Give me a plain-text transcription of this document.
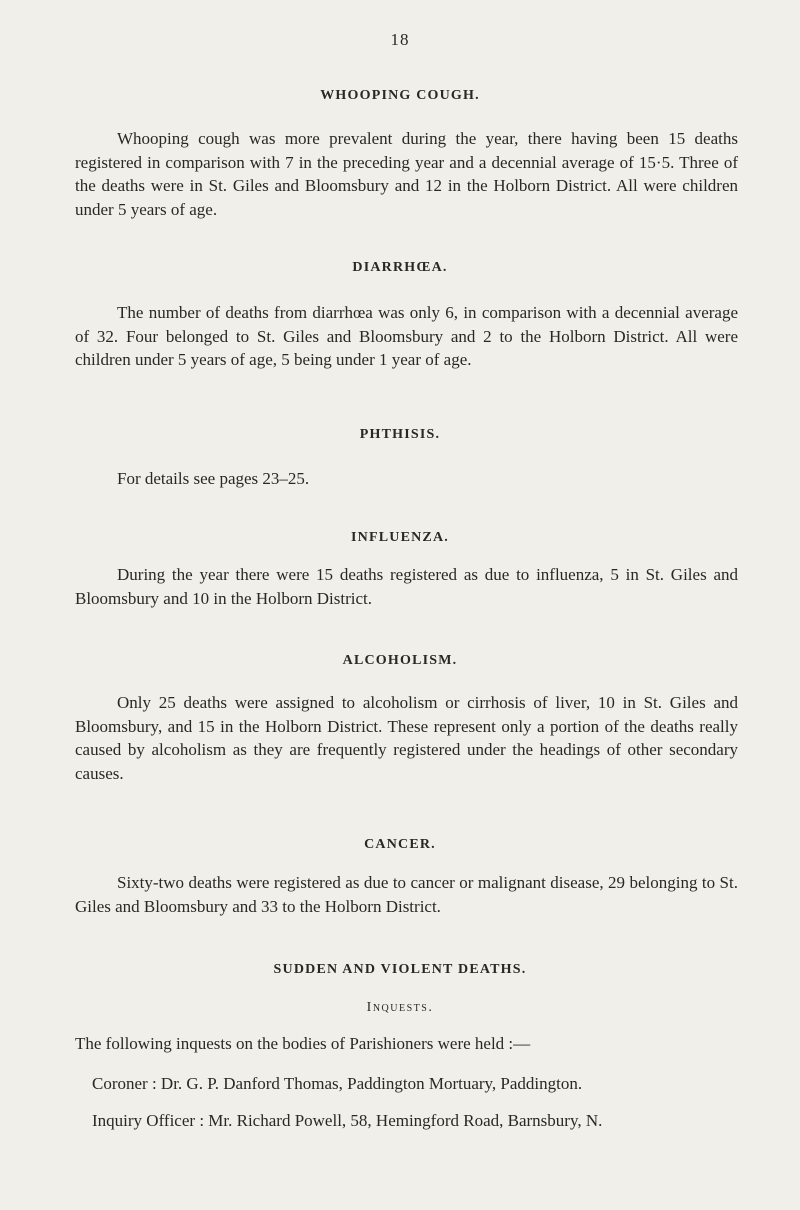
18
WHOOPING COUGH.
Whooping cough was more prevalent during the year, there having been 15 deaths registered in comparison with 7 in the preceding year and a decennial average of 15·5. Three of the deaths were in St. Giles and Bloomsbury and 12 in the Holborn District. All were children under 5 years of age.
DIARRHŒA.
The number of deaths from diarrhœa was only 6, in comparison with a decennial average of 32. Four belonged to St. Giles and Bloomsbury and 2 to the Holborn District. All were children under 5 years of age, 5 being under 1 year of age.
PHTHISIS.
For details see pages 23–25.
INFLUENZA.
During the year there were 15 deaths registered as due to influenza, 5 in St. Giles and Bloomsbury and 10 in the Holborn District.
ALCOHOLISM.
Only 25 deaths were assigned to alcoholism or cirrhosis of liver, 10 in St. Giles and Bloomsbury, and 15 in the Holborn District. These represent only a portion of the deaths really caused by alcoholism as they are frequently registered under the headings of other secondary causes.
CANCER.
Sixty-two deaths were registered as due to cancer or malignant disease, 29 belonging to St. Giles and Bloomsbury and 33 to the Holborn District.
SUDDEN AND VIOLENT DEATHS.
Inquests.
The following inquests on the bodies of Parishioners were held :—
Coroner : Dr. G. P. Danford Thomas, Paddington Mortuary, Paddington.
Inquiry Officer : Mr. Richard Powell, 58, Hemingford Road, Barnsbury, N.
